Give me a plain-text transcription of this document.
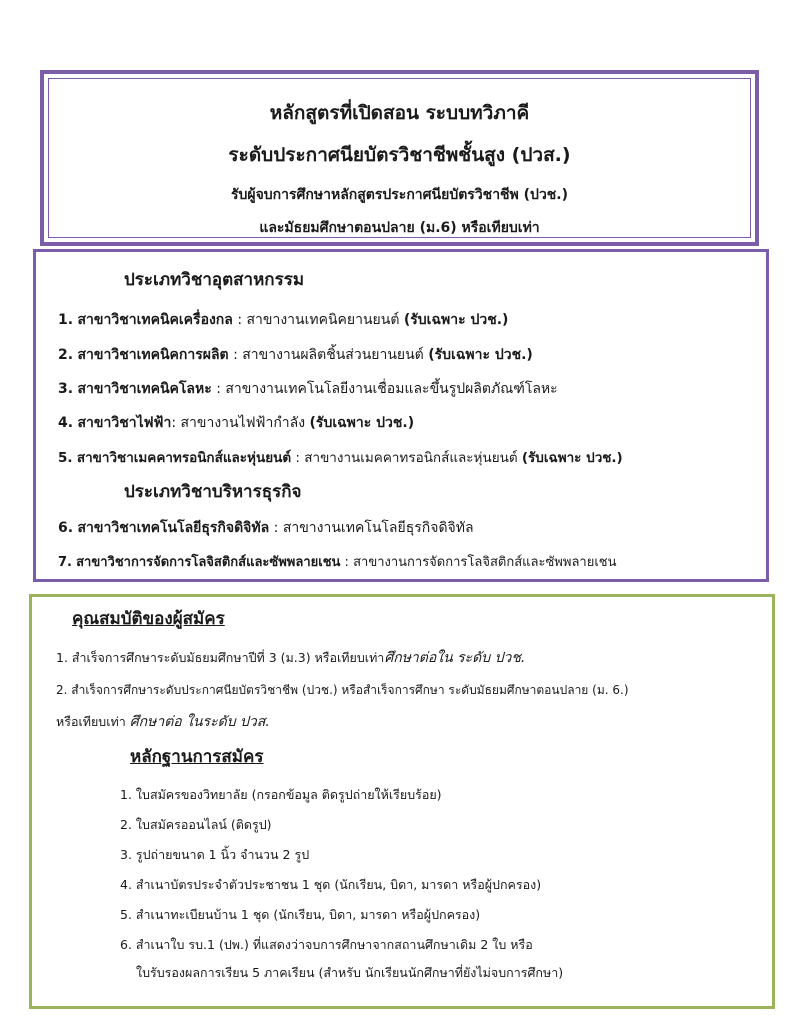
หลักสูตรที่เปิดสอน ระบบทวิภาคี
ระดับประกาศนียบัตรวิชาชีพชั้นสูง (ปวส.)
รับผู้จบการศึกษาหลักสูตรประกาศนียบัตรวิชาชีพ (ปวช.)
และมัธยมศึกษาตอนปลาย (ม.6) หรือเทียบเท่า
ประเภทวิชาอุตสาหกรรม
1. สาขาวิชาเทคนิคเครื่องกล : สาขางานเทคนิคยานยนต์ (รับเฉพาะ ปวช.)
2. สาขาวิชาเทคนิคการผลิต : สาขางานผลิตชิ้นส่วนยานยนต์ (รับเฉพาะ ปวช.)
3. สาขาวิชาเทคนิคโลหะ : สาขางานเทคโนโลยีงานเชื่อมและขึ้นรูปผลิตภัณฑ์โลหะ
4. สาขาวิชาไฟฟ้า: สาขางานไฟฟ้ากำลัง (รับเฉพาะ ปวช.)
5. สาขาวิชาเมคคาทรอนิกส์และหุ่นยนต์ : สาขางานเมคคาทรอนิกส์และหุ่นยนต์ (รับเฉพาะ ปวช.)
ประเภทวิชาบริหารธุรกิจ
6. สาขาวิชาเทคโนโลยีธุรกิจดิจิทัล : สาขางานเทคโนโลยีธุรกิจดิจิทัล
7. สาขาวิชาการจัดการโลจิสติกส์และซัพพลายเชน : สาขางานการจัดการโลจิสติกส์และซัพพลายเชน
คุณสมบัติของผู้สมัคร
1. สำเร็จการศึกษาระดับมัธยมศึกษาปีที่ 3 (ม.3) หรือเทียบเท่าศึกษาต่อใน ระดับ ปวช.
2. สำเร็จการศึกษาระดับประกาศนียบัตรวิชาชีพ (ปวช.) หรือสำเร็จการศึกษา ระดับมัธยมศึกษาตอนปลาย (ม. 6.)
หรือเทียบเท่า ศึกษาต่อ ในระดับ ปวส.
หลักฐานการสมัคร
1. ใบสมัครของวิทยาลัย (กรอกข้อมูล ติดรูปถ่ายให้เรียบร้อย)
2. ใบสมัครออนไลน์ (ติดรูป)
3. รูปถ่ายขนาด 1 นิ้ว จำนวน 2 รูป
4. สำเนาบัตรประจำตัวประชาชน 1 ชุด (นักเรียน, บิดา, มารดา หรือผู้ปกครอง)
5. สำเนาทะเบียนบ้าน 1 ชุด (นักเรียน, บิดา, มารดา หรือผู้ปกครอง)
6. สำเนาใบ รบ.1 (ปพ.) ที่แสดงว่าจบการศึกษาจากสถานศึกษาเดิม 2 ใบ หรือ
ใบรับรองผลการเรียน 5 ภาคเรียน (สำหรับ นักเรียนนักศึกษาที่ยังไม่จบการศึกษา)
